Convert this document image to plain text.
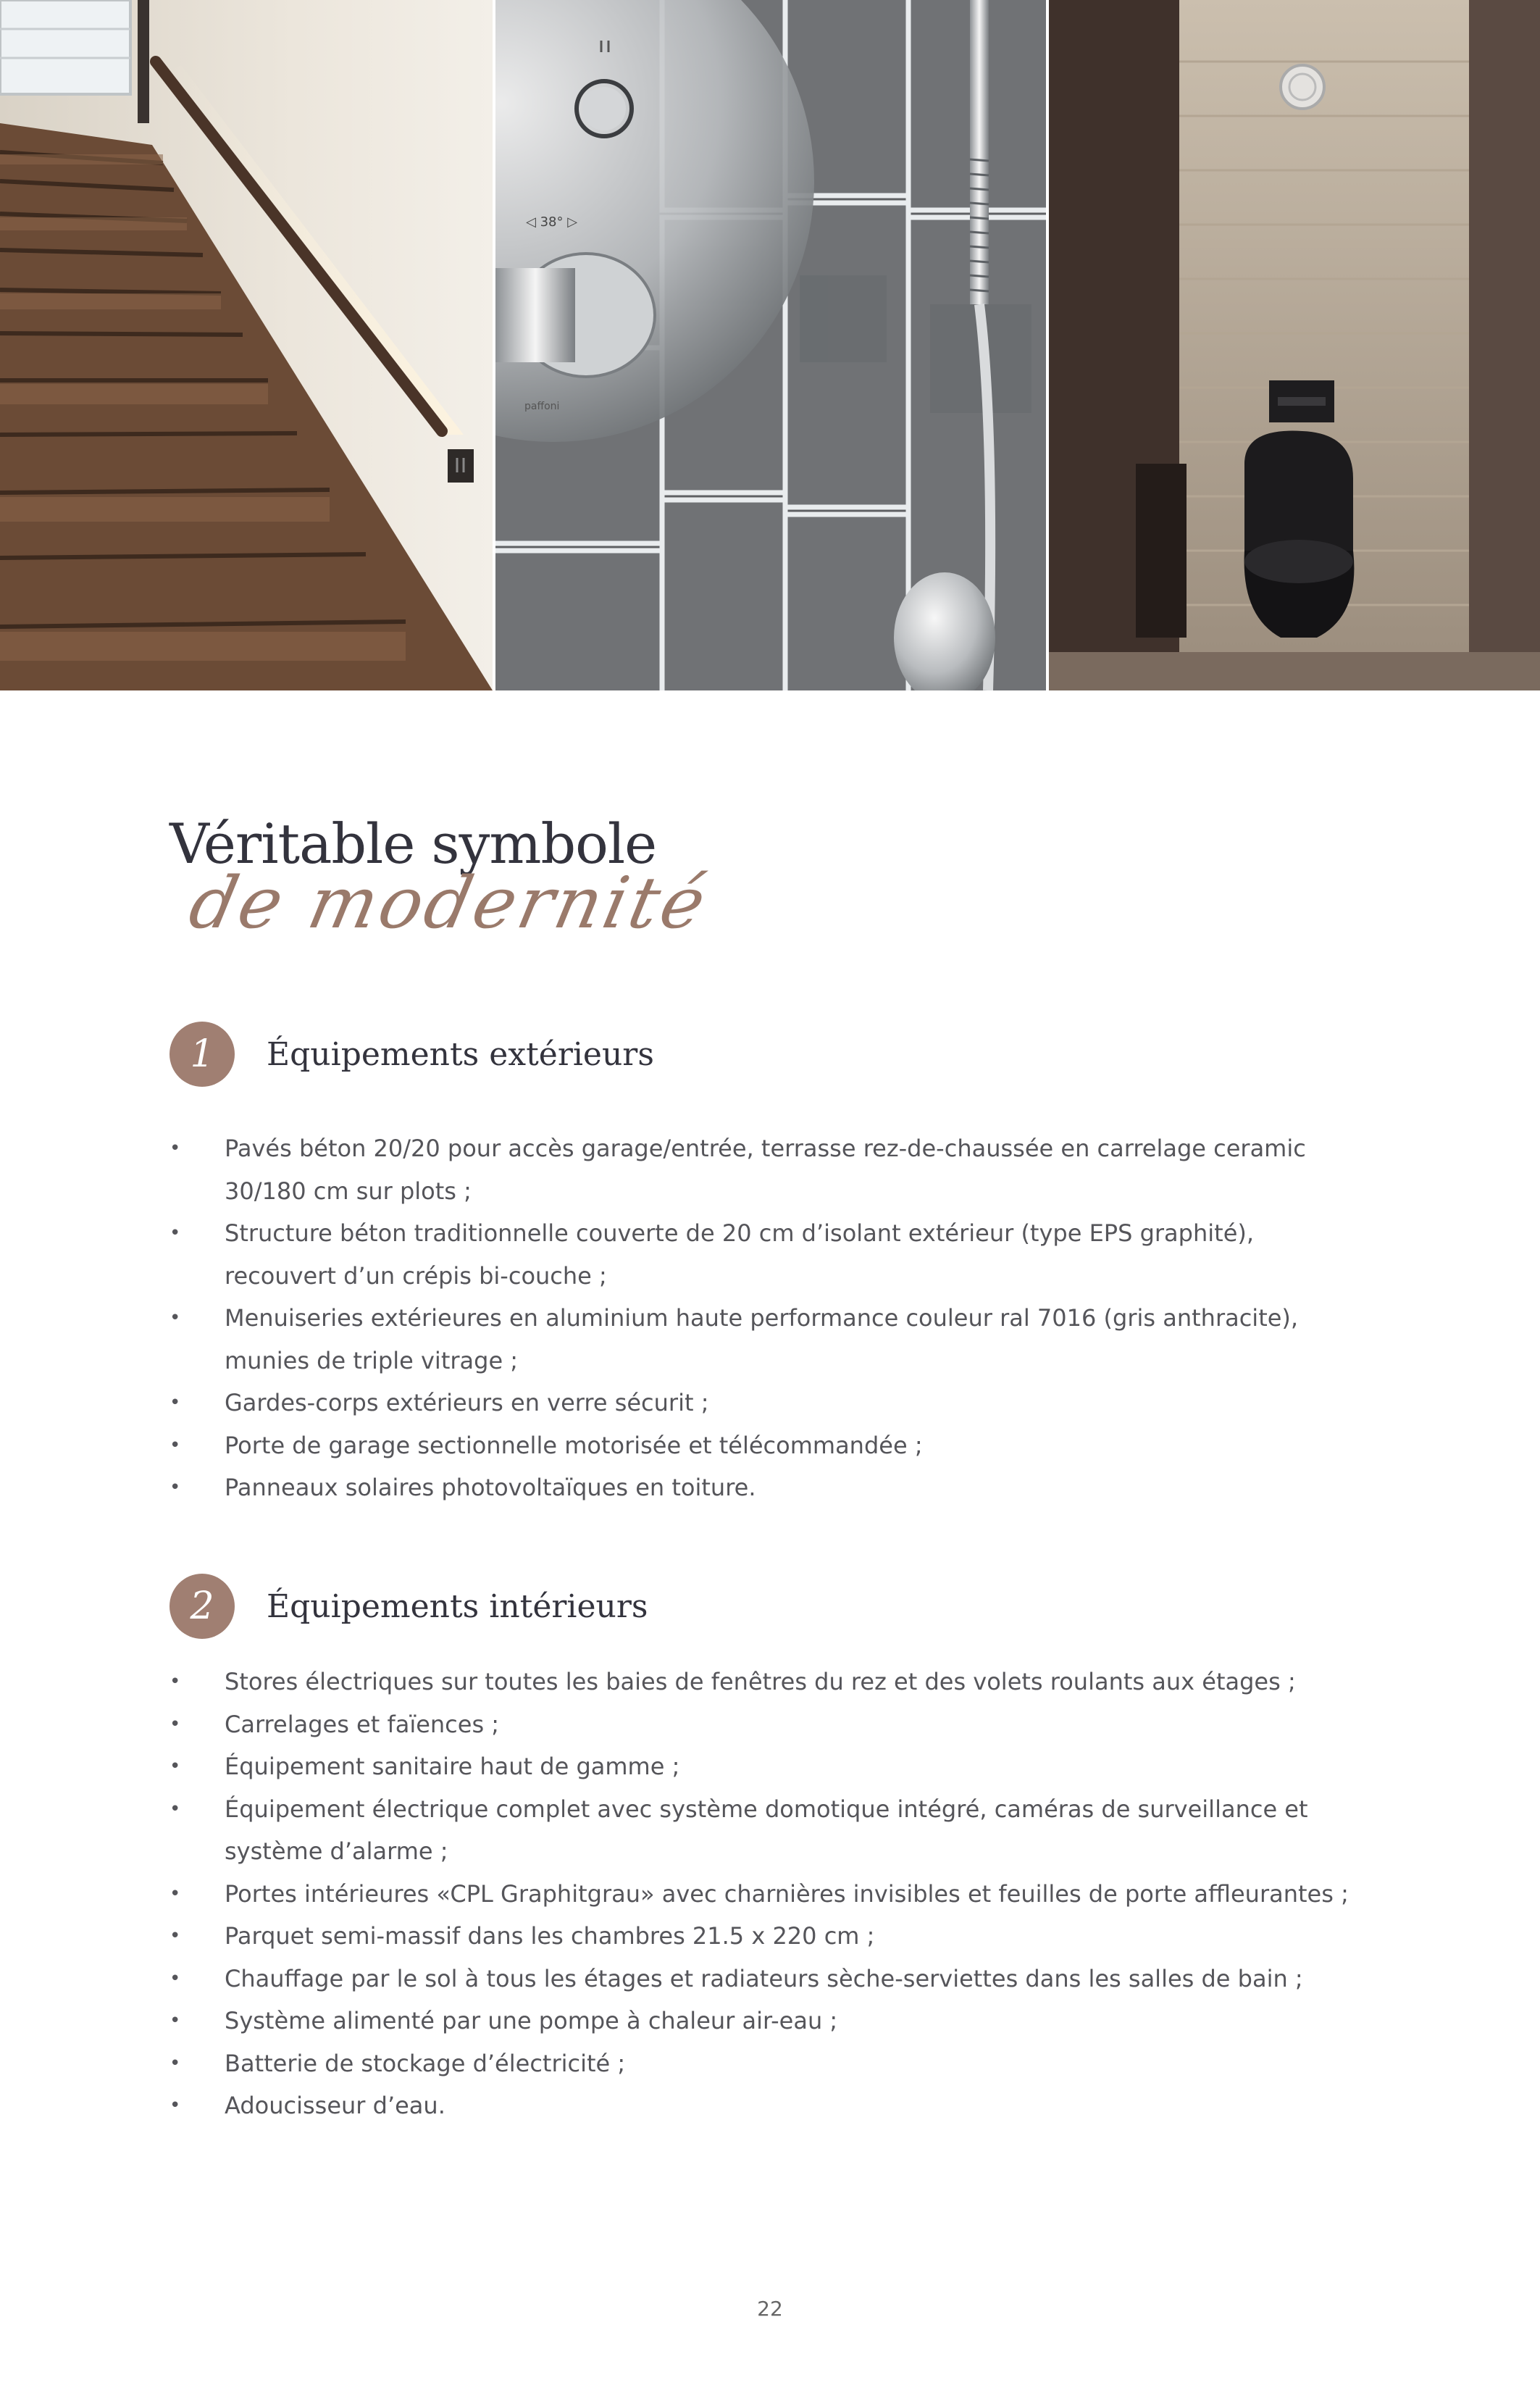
◁ 38° ▷
paffoni
Véritable symbole
de modernité
1	Équipements extérieurs
• Pavés béton 20/20 pour accès garage/entrée, terrasse rez-de-chaussée en carrelage ceramic 30/180 cm sur plots ;
• Structure béton traditionnelle couverte de 20 cm d’isolant extérieur (type EPS graphité), recouvert d’un crépis bi-couche ;
• Menuiseries extérieures en aluminium haute performance couleur ral 7016 (gris anthracite), munies de triple vitrage ;
• Gardes-corps extérieurs en verre sécurit ;
• Porte de garage sectionnelle motorisée et télécommandée ;
• Panneaux solaires photovoltaïques en toiture.
2	Équipements intérieurs
• Stores électriques sur toutes les baies de fenêtres du rez et des volets roulants aux étages ;
• Carrelages et faïences ;
• Équipement sanitaire haut de gamme ;
• Équipement électrique complet avec système domotique intégré, caméras de surveillance et système d’alarme ;
• Portes intérieures «CPL Graphitgrau» avec charnières invisibles et feuilles de porte affleurantes ;
• Parquet semi-massif dans les chambres 21.5 x 220 cm ;
• Chauffage par le sol à tous les étages et radiateurs sèche-serviettes dans les salles de bain ;
• Système alimenté par une pompe à chaleur air-eau ;
• Batterie de stockage d’électricité ;
• Adoucisseur d’eau.
22
